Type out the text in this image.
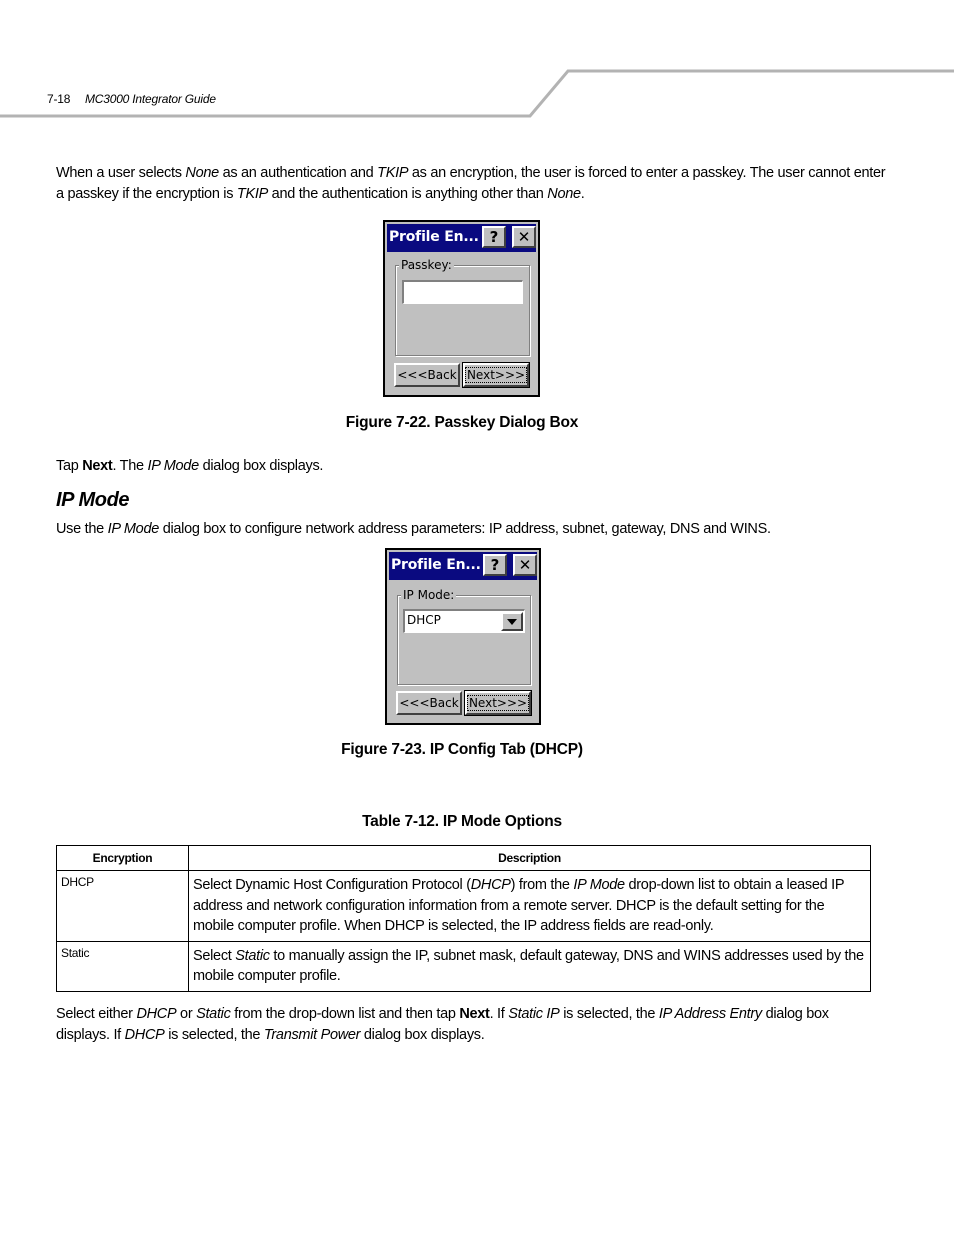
7-18 MC3000 Integrator Guide
When a user selects None as an authentication and TKIP as an encryption, the user is forced to enter a passkey. The user cannot enter a passkey if the encryption is TKIP and the authentication is anything other than None.
Profile En... ?	✕
Passkey:
<<<Back Next>>>
Figure 7-22. Passkey Dialog Box
Tap Next. The IP Mode dialog box displays.
IP Mode
Use the IP Mode dialog box to configure network address parameters: IP address, subnet, gateway, DNS and WINS.
Profile En... ?	✕
IP Mode:
DHCP
<<<Back Next>>>
Figure 7-23. IP Config Tab (DHCP)
Table 7-12. IP Mode Options
Encryption	Description
DHCP	Select Dynamic Host Configuration Protocol (DHCP) from the IP Mode drop-down list to obtain a leased IP address and network configuration information from a remote server. DHCP is the default setting for the mobile computer profile. When DHCP is selected, the IP address fields are read-only.
Static	Select Static to manually assign the IP, subnet mask, default gateway, DNS and WINS addresses used by the mobile computer profile.
Select either DHCP or Static from the drop-down list and then tap Next. If Static IP is selected, the IP Address Entry dialog box displays. If DHCP is selected, the Transmit Power dialog box displays.
